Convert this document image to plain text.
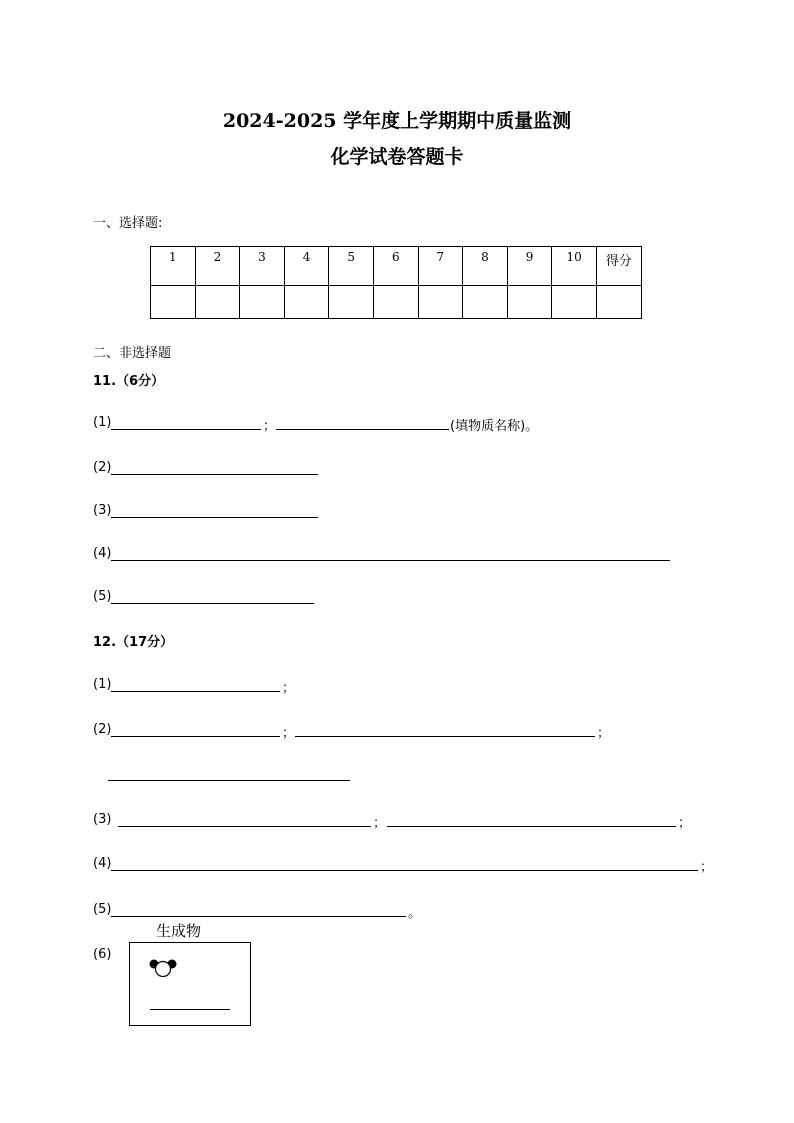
2024-2025 学年度上学期期中质量监测
化学试卷答题卡
一、选择题:
1	2	3	4	5	6	7	8	9	10	得分

二、非选择题
11.（6分）
(1)	；	(填物质名称)。
(2)
(3)
(4)
(5)
12.（17分）
(1)	；
(2)	；	；
(3)	；	；
(4)	；
(5)	。
(6)
生成物
